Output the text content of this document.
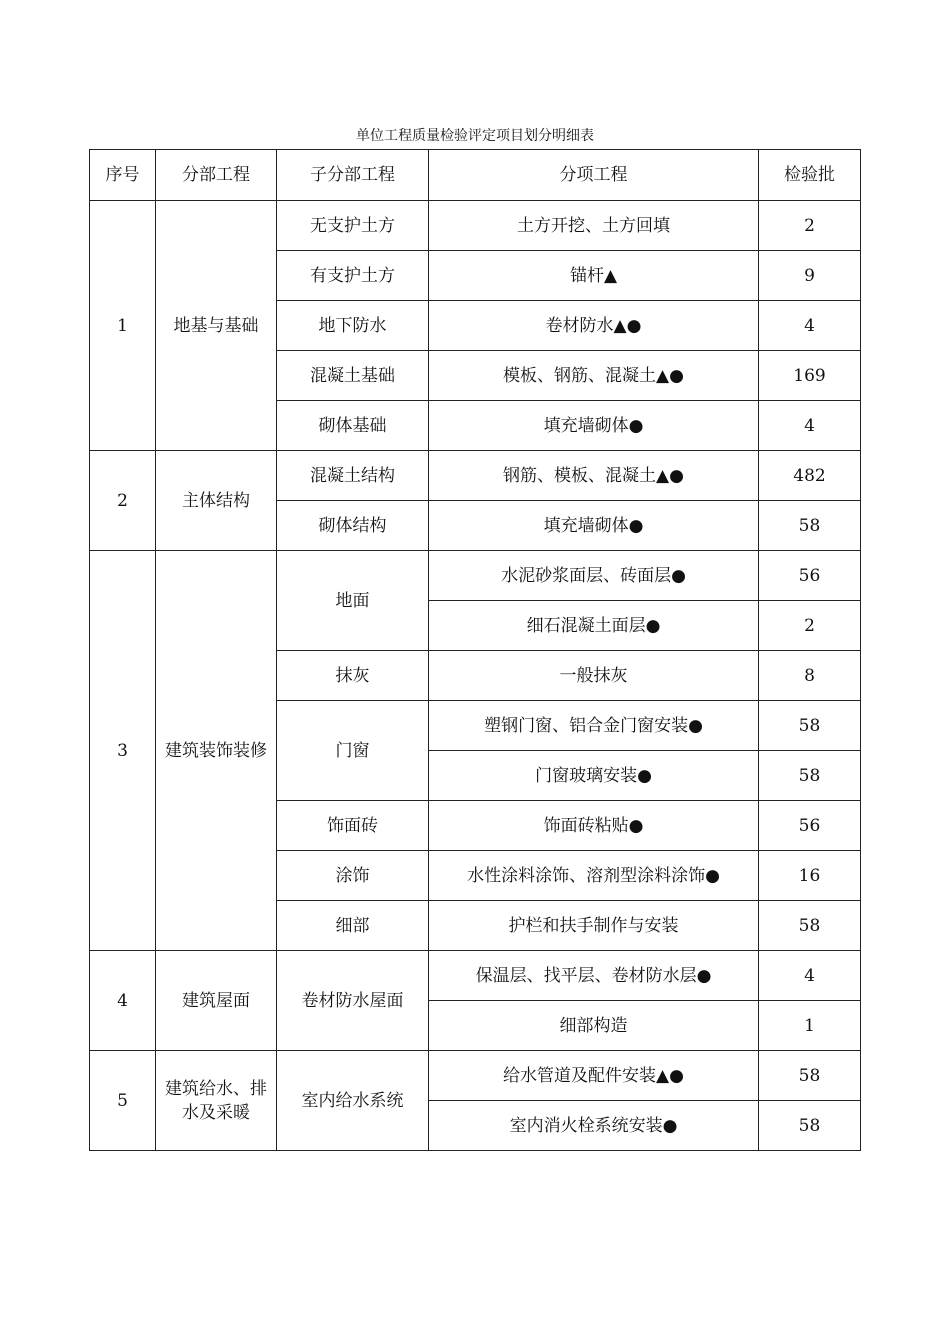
单位工程质量检验评定项目划分明细表
序号	分部工程	子分部工程	分项工程	检验批
1	地基与基础	无支护土方	土方开挖、土方回填	2
		有支护土方	锚杆▲	9
		地下防水	卷材防水▲●	4
		混凝土基础	模板、钢筋、混凝土▲●	169
		砌体基础	填充墙砌体●	4
2	主体结构	混凝土结构	钢筋、模板、混凝土▲●	482
		砌体结构	填充墙砌体●	58
3	建筑装饰装修	地面	水泥砂浆面层、砖面层●	56
			细石混凝土面层●	2
		抹灰	一般抹灰	8
		门窗	塑钢门窗、铝合金门窗安装●	58
			门窗玻璃安装●	58
		饰面砖	饰面砖粘贴●	56
		涂饰	水性涂料涂饰、溶剂型涂料涂饰●	16
		细部	护栏和扶手制作与安装	58
4	建筑屋面	卷材防水屋面	保温层、找平层、卷材防水层●	4
			细部构造	1
5	建筑给水、排水及采暖	室内给水系统	给水管道及配件安装▲●	58
			室内消火栓系统安装●	58
